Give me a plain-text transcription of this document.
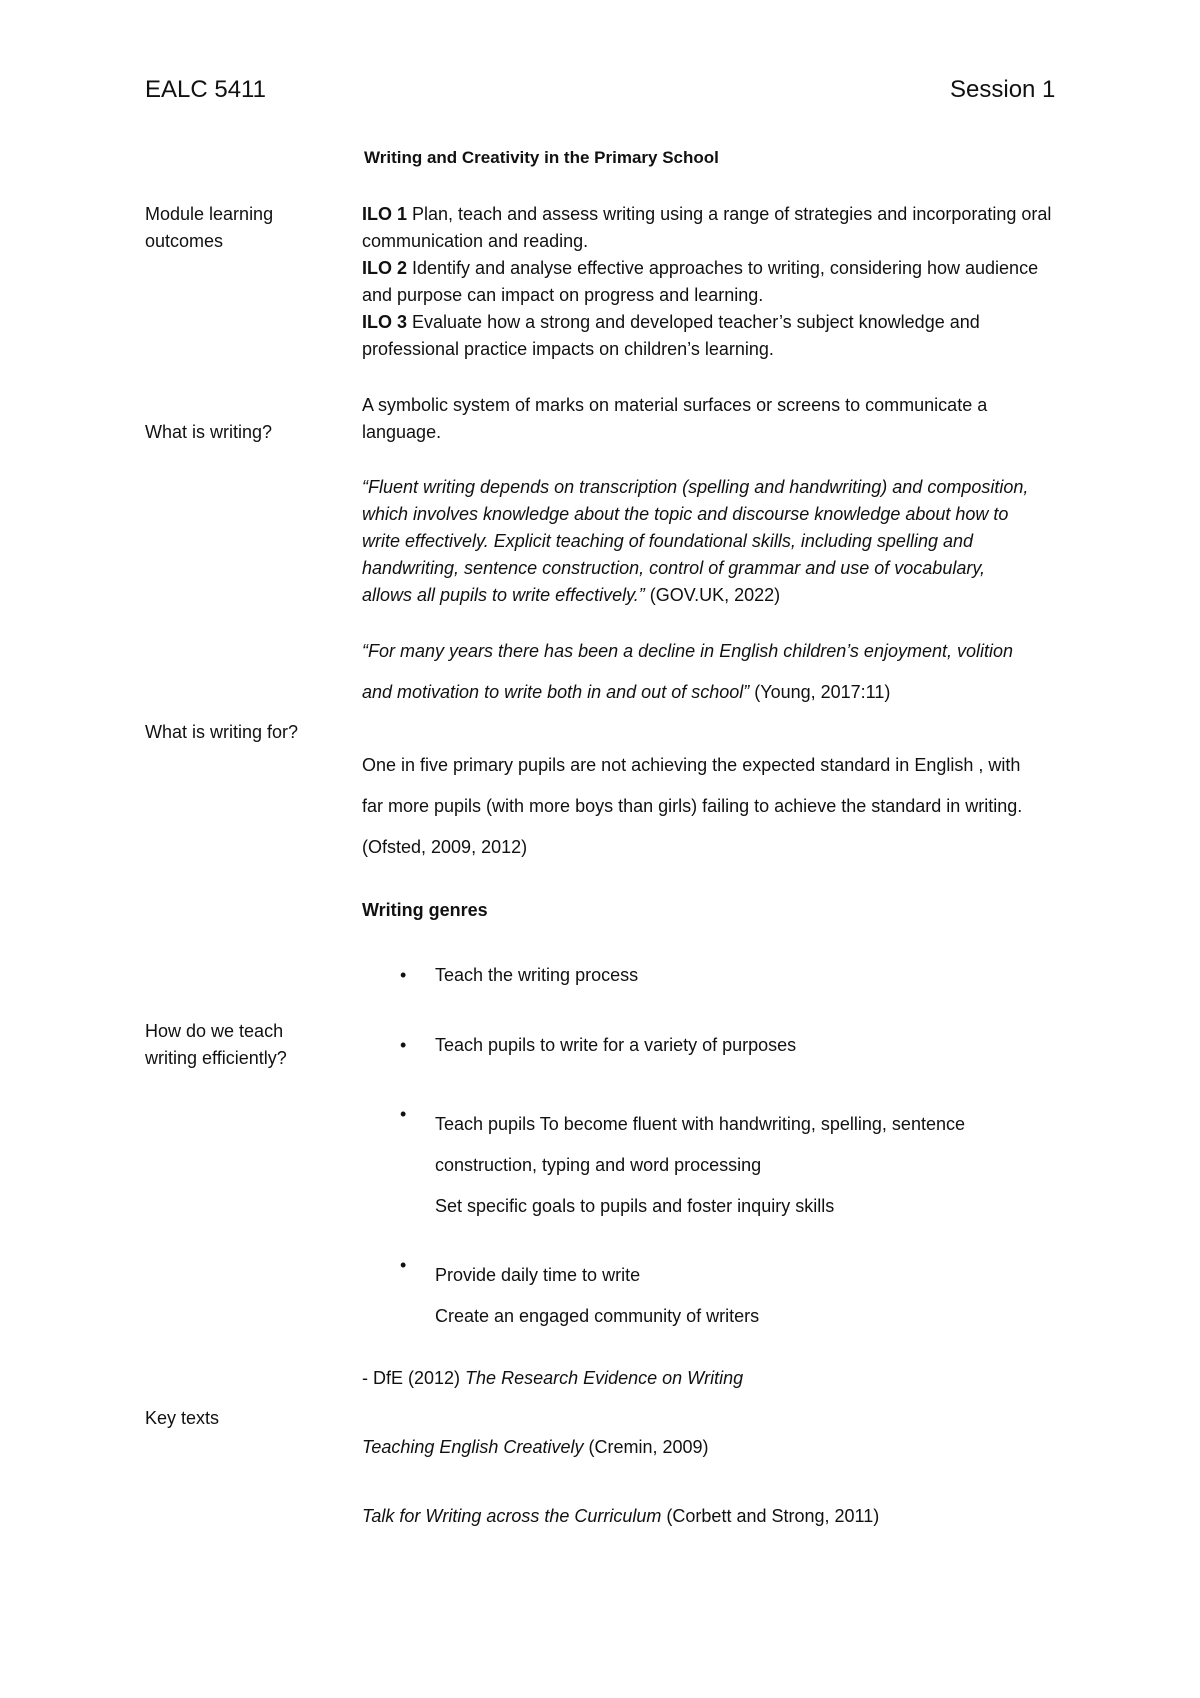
EALC 5411	Session 1
Writing and Creativity in the Primary School
Module learning
outcomes
What is writing?
What is writing for?
How do we teach
writing efficiently?
Key texts
ILO 1 Plan, teach and assess writing using a range of strategies and incorporating oral
communication and reading.
ILO 2 Identify and analyse effective approaches to writing, considering how audience
and purpose can impact on progress and learning.
ILO 3 Evaluate how a strong and developed teacher’s subject knowledge and
professional practice impacts on children’s learning.
A symbolic system of marks on material surfaces or screens to communicate a
language.
“Fluent writing depends on transcription (spelling and handwriting) and composition,
which involves knowledge about the topic and discourse knowledge about how to
write effectively. Explicit teaching of foundational skills, including spelling and
handwriting, sentence construction, control of grammar and use of vocabulary,
allows all pupils to write effectively.” (GOV.UK, 2022)
“For many years there has been a decline in English children’s enjoyment, volition
and motivation to write both in and out of school” (Young, 2017:11)
One in five primary pupils are not achieving the expected standard in English , with
far more pupils (with more boys than girls) failing to achieve the standard in writing.
(Ofsted, 2009, 2012)
Writing genres
• Teach the writing process
• Teach pupils to write for a variety of purposes
• Teach pupils To become fluent with handwriting, spelling, sentence
construction, typing and word processing
Set specific goals to pupils and foster inquiry skills
• Provide daily time to write
Create an engaged community of writers
- DfE (2012) The Research Evidence on Writing
Teaching English Creatively (Cremin, 2009)
Talk for Writing across the Curriculum (Corbett and Strong, 2011)
